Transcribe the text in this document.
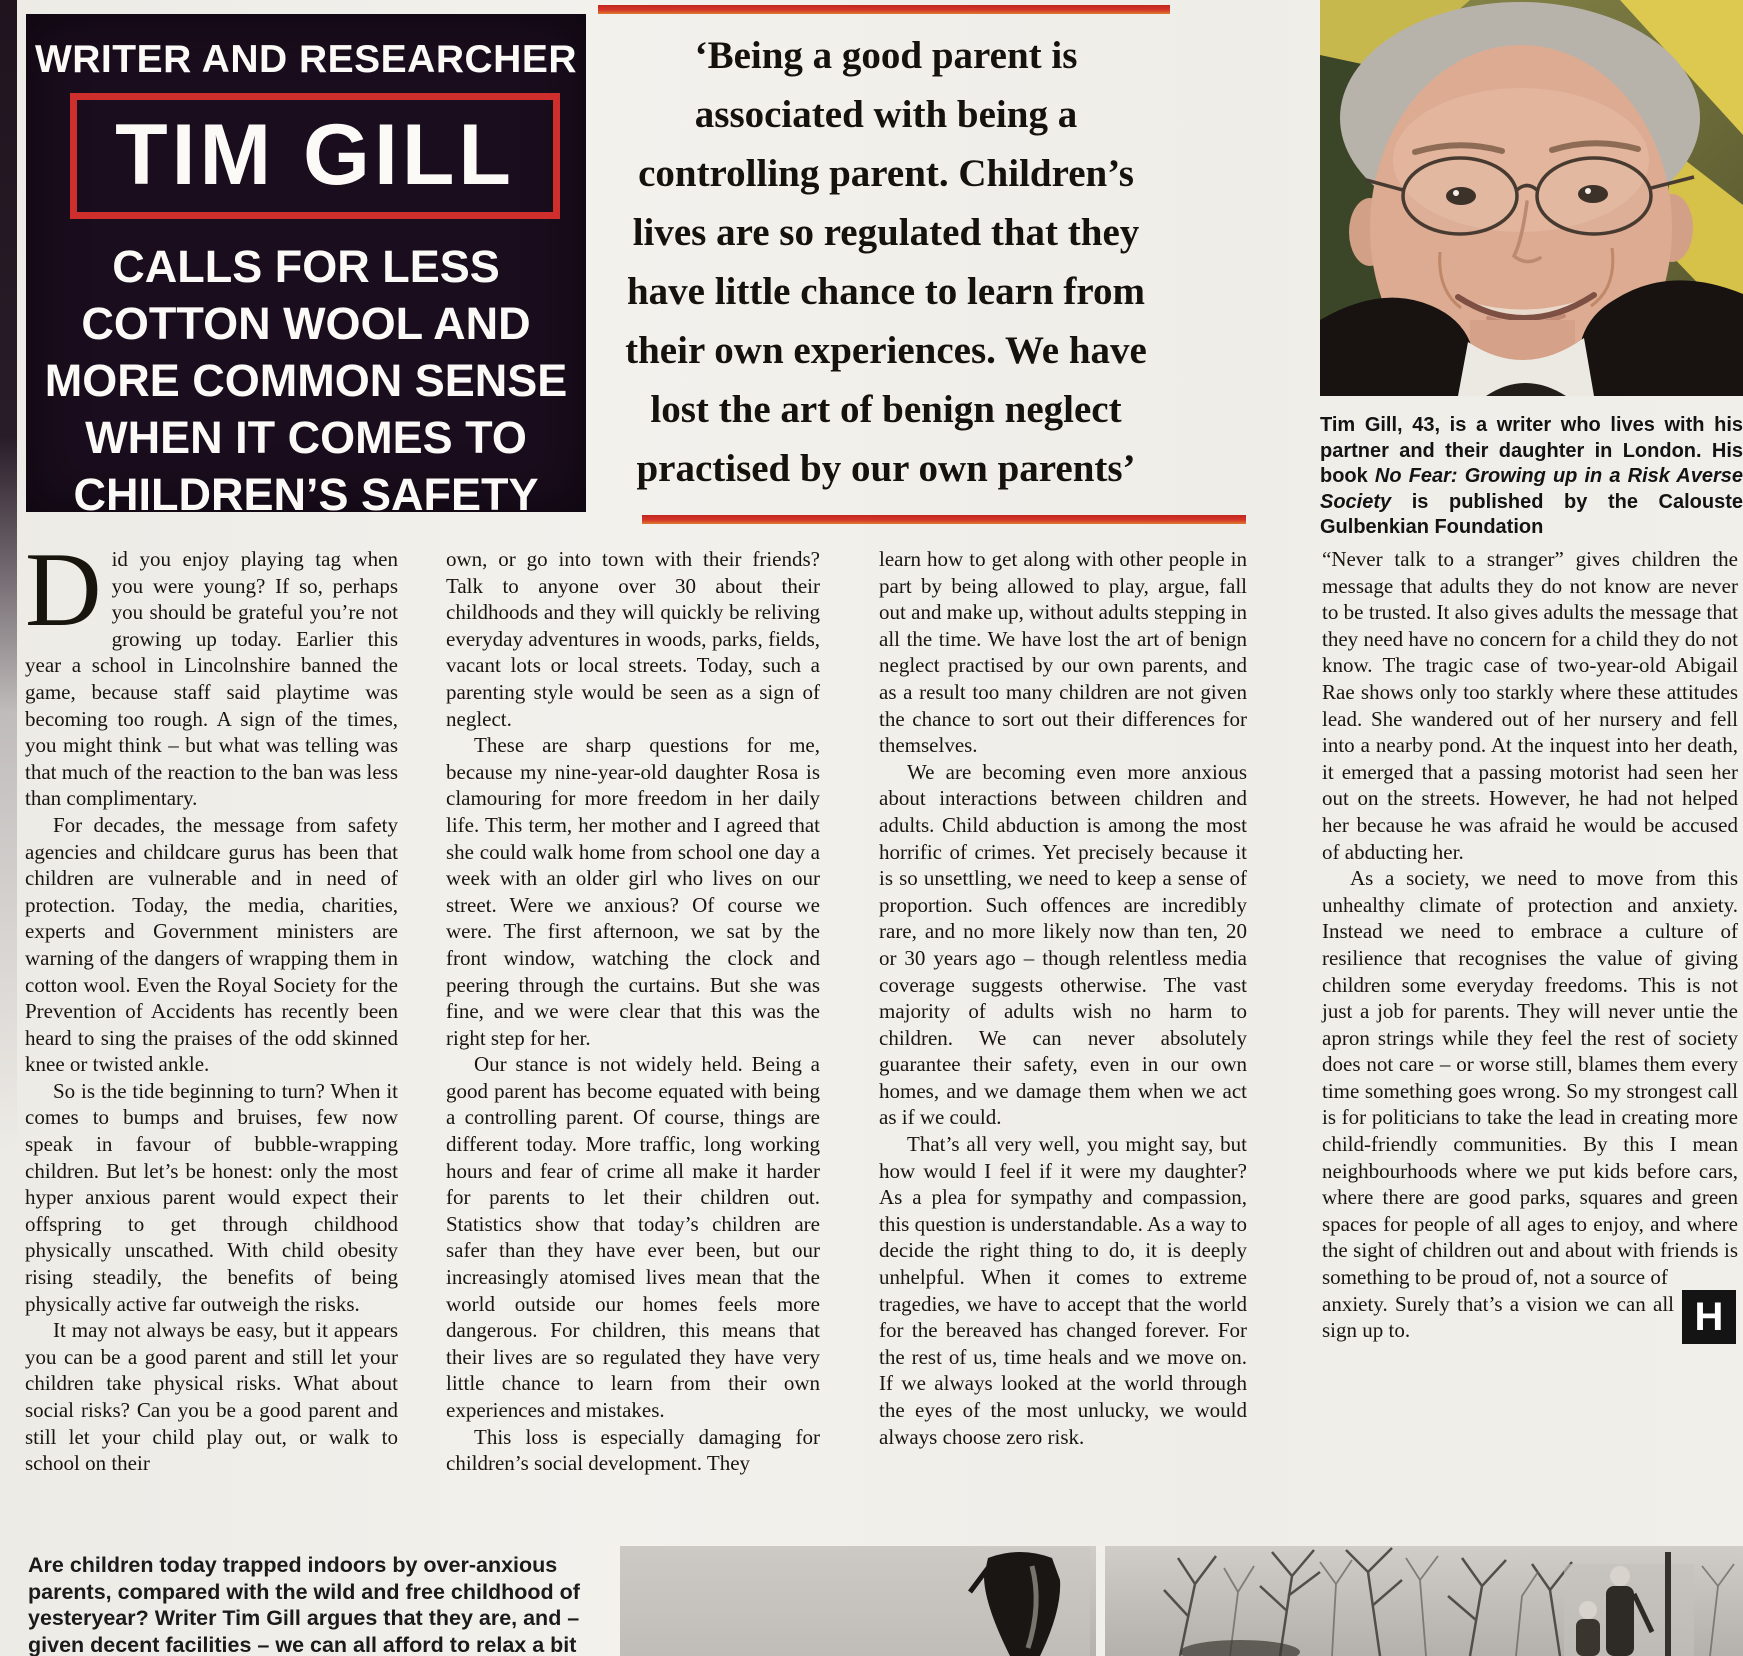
WRITER AND RESEARCHER
TIM GILL
CALLS FOR LESS
COTTON WOOL AND
MORE COMMON SENSE
WHEN IT COMES TO
CHILDREN’S SAFETY
‘Being a good parent is
associated with being a
controlling parent. Children’s
lives are so regulated that they
have little chance to learn from
their own experiences. We have
lost the art of benign neglect
practised by our own parents’
Tim Gill, 43, is a writer who lives with his partner and their daughter in London. His book No Fear: Growing up in a Risk Averse Society is published by the Calouste Gulbenkian Foundation

Did you enjoy playing tag when you were young? If so, perhaps you should be grateful you’re not growing up today. Earlier this year a school in Lincolnshire banned the game, because staff said playtime was becoming too rough. A sign of the times, you might think – but what was telling was that much of the reaction to the ban was less than complimentary.

For decades, the message from safety agencies and childcare gurus has been that children are vulnerable and in need of protection. Today, the media, charities, experts and Government ministers are warning of the dangers of wrapping them in cotton wool. Even the Royal Society for the Prevention of Accidents has recently been heard to sing the praises of the odd skinned knee or twisted ankle.

So is the tide beginning to turn? When it comes to bumps and bruises, few now speak in favour of bubble-wrapping children. But let’s be honest: only the most hyper anxious parent would expect their offspring to get through childhood physically unscathed. With child obesity rising steadily, the benefits of being physically active far outweigh the risks.

It may not always be easy, but it appears you can be a good parent and still let your children take physical risks. What about social risks? Can you be a good parent and still let your child play out, or walk to school on their

own, or go into town with their friends? Talk to anyone over 30 about their childhoods and they will quickly be reliving everyday adventures in woods, parks, fields, vacant lots or local streets. Today, such a parenting style would be seen as a sign of neglect.

These are sharp questions for me, because my nine-year-old daughter Rosa is clamouring for more freedom in her daily life. This term, her mother and I agreed that she could walk home from school one day a week with an older girl who lives on our street. Were we anxious? Of course we were. The first afternoon, we sat by the front window, watching the clock and peering through the curtains. But she was fine, and we were clear that this was the right step for her.

Our stance is not widely held. Being a good parent has become equated with being a controlling parent. Of course, things are different today. More traffic, long working hours and fear of crime all make it harder for parents to let their children out. Statistics show that today’s children are safer than they have ever been, but our increasingly atomised lives mean that the world outside our homes feels more dangerous. For children, this means that their lives are so regulated they have very little chance to learn from their own experiences and mistakes.

This loss is especially damaging for children’s social development. They

learn how to get along with other people in part by being allowed to play, argue, fall out and make up, without adults stepping in all the time. We have lost the art of benign neglect practised by our own parents, and as a result too many children are not given the chance to sort out their differences for themselves.

We are becoming even more anxious about interactions between children and adults. Child abduction is among the most horrific of crimes. Yet precisely because it is so unsettling, we need to keep a sense of proportion. Such offences are incredibly rare, and no more likely now than ten, 20 or 30 years ago – though relentless media coverage suggests otherwise. The vast majority of adults wish no harm to children. We can never absolutely guarantee their safety, even in our own homes, and we damage them when we act as if we could.

That’s all very well, you might say, but how would I feel if it were my daughter? As a plea for sympathy and compassion, this question is understandable. As a way to decide the right thing to do, it is deeply unhelpful. When it comes to extreme tragedies, we have to accept that the world for the bereaved has changed forever. For the rest of us, time heals and we move on. If we always looked at the world through the eyes of the most unlucky, we would always choose zero risk.

H

“Never talk to a stranger” gives children the message that adults they do not know are never to be trusted. It also gives adults the message that they need have no concern for a child they do not know. The tragic case of two-year-old Abigail Rae shows only too starkly where these attitudes lead. She wandered out of her nursery and fell into a nearby pond. At the inquest into her death, it emerged that a passing motorist had seen her out on the streets. However, he had not helped her because he was afraid he would be accused of abducting her.

As a society, we need to move from this unhealthy climate of protection and anxiety. Instead we need to embrace a culture of resilience that recognises the value of giving children some everyday freedoms. This is not just a job for parents. They will never untie the apron strings while they feel the rest of society does not care – or worse still, blames them every time something goes wrong. So my strongest call is for politicians to take the lead in creating more child-friendly communities. By this I mean neighbourhoods where we put kids before cars, where there are good parks, squares and green spaces for people of all ages to enjoy, and where the sight of children out and about with friends is something to be proud of, not a source of

anxiety. Surely that’s a vision we can all sign up to.

Are children today trapped indoors by over-anxious parents, compared with the wild and free childhood of yesteryear? Writer Tim Gill argues that they are, and – given decent facilities – we can all afford to relax a bit
